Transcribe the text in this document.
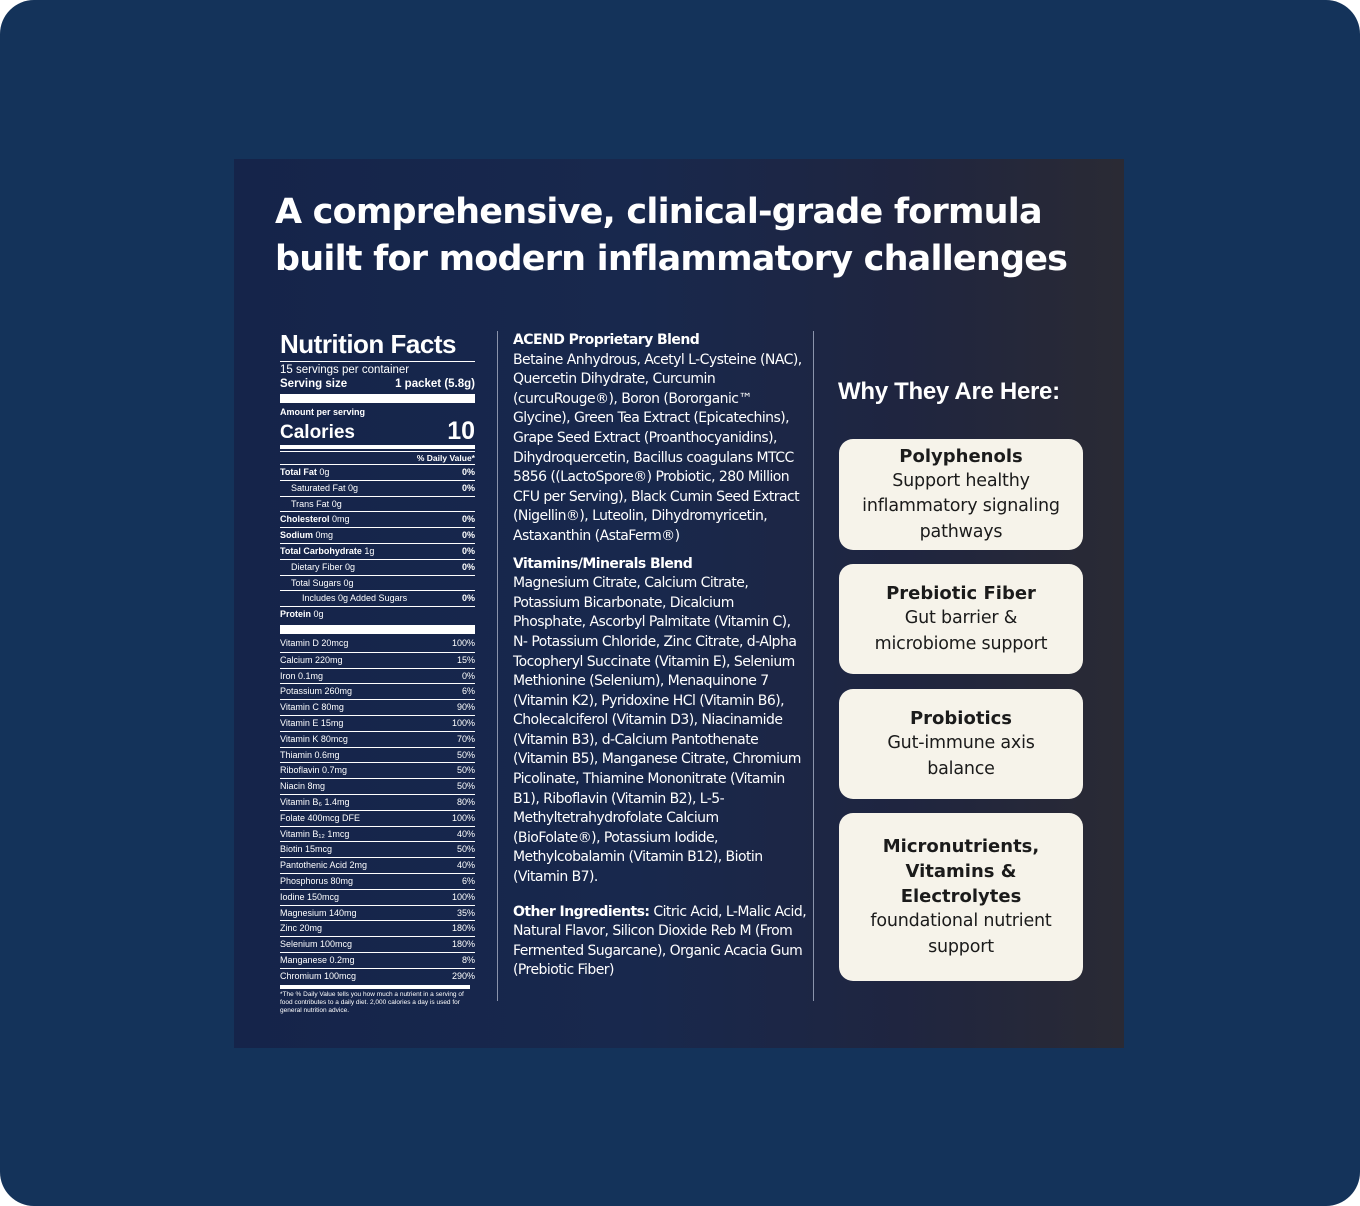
A comprehensive, clinical-grade formula
built for modern inflammatory challenges
Nutrition Facts
15 servings per container
Serving size	1 packet (5.8g)
Amount per serving
Calories	10
% Daily Value*
Total Fat 0g	0%
Saturated Fat 0g	0%
Trans Fat 0g
Cholesterol 0mg	0%
Sodium 0mg	0%
Total Carbohydrate 1g	0%
Dietary Fiber 0g	0%
Total Sugars 0g
Includes 0g Added Sugars	0%
Protein 0g
Vitamin D 20mcg	100%
Calcium 220mg	15%
Iron 0.1mg	0%
Potassium 260mg	6%
Vitamin C 80mg	90%
Vitamin E 15mg	100%
Vitamin K 80mcg	70%
Thiamin 0.6mg	50%
Riboflavin 0.7mg	50%
Niacin 8mg	50%
Vitamin B₆ 1.4mg	80%
Folate 400mcg DFE	100%
Vitamin B₁₂ 1mcg	40%
Biotin 15mcg	50%
Pantothenic Acid 2mg	40%
Phosphorus 80mg	6%
Iodine 150mcg	100%
Magnesium 140mg	35%
Zinc 20mg	180%
Selenium 100mcg	180%
Manganese 0.2mg	8%
Chromium 100mcg	290%
*The % Daily Value tells you how much a nutrient in a serving of food contributes to a daily diet. 2,000 calories a day is used for general nutrition advice.
ACEND Proprietary Blend

Betaine Anhydrous, Acetyl L-Cysteine (NAC), Quercetin Dihydrate, Curcumin (curcuRouge®), Boron (Bororganic™ Glycine), Green Tea Extract (Epicatechins), Grape Seed Extract (Proanthocyanidins), Dihydroquercetin, Bacillus coagulans MTCC 5856 ((LactoSpore®) Probiotic, 280 Million CFU per Serving), Black Cumin Seed Extract (Nigellin®), Luteolin, Dihydromyricetin, Astaxanthin (AstaFerm®)

Vitamins/Minerals Blend

Magnesium Citrate, Calcium Citrate, Potassium Bicarbonate, Dicalcium Phosphate, Ascorbyl Palmitate (Vitamin C), N- Potassium Chloride, Zinc Citrate, d-Alpha Tocopheryl Succinate (Vitamin E), Selenium Methionine (Selenium), Menaquinone 7 (Vitamin K2), Pyridoxine HCl (Vitamin B6), Cholecalciferol (Vitamin D3), Niacinamide (Vitamin B3), d-Calcium Pantothenate (Vitamin B5), Manganese Citrate, Chromium Picolinate, Thiamine Mononitrate (Vitamin B1), Riboflavin (Vitamin B2), L-5-Methyltetrahydrofolate Calcium (BioFolate®), Potassium Iodide, Methylcobalamin (Vitamin B12), Biotin (Vitamin B7).

Other Ingredients: Citric Acid, L-Malic Acid, Natural Flavor, Silicon Dioxide Reb M (From Fermented Sugarcane), Organic Acacia Gum (Prebiotic Fiber)

Why They Are Here:
Polyphenols
Support healthy inflammatory signaling pathways
Prebiotic Fiber
Gut barrier & microbiome support
Probiotics
Gut-immune axis balance
Micronutrients, Vitamins & Electrolytes
foundational nutrient support
